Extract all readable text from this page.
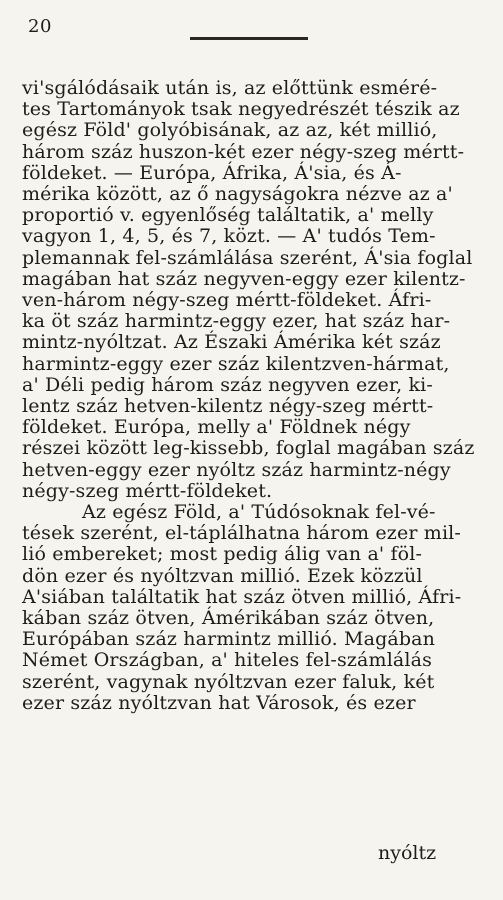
20
vi'sgálódásaik után is, az előttünk esméré-
tes Tartományok tsak negyedrészét tészik az
egész Föld' golyóbisának, az az, két millió,
három száz huszon-két ezer négy-szeg mértt-
földeket. — Európa, Áfrika, Á'sia, és Á-
mérika között, az ő nagyságokra nézve az a'
proportió v. egyenlőség találtatik, a' melly
vagyon 1, 4, 5, és 7, közt. — A' tudós Tem-
plemannak fel-számlálása szerént, Á'sia foglal
magában hat száz negyven-eggy ezer kilentz-
ven-három négy-szeg mértt-földeket. Áfri-
ka öt száz harmintz-eggy ezer, hat száz har-
mintz-nyóltzat. Az Északi Ámérika két száz
harmintz-eggy ezer száz kilentzven-hármat,
a' Déli pedig három száz negyven ezer, ki-
lentz száz hetven-kilentz négy-szeg mértt-
földeket. Európa, melly a' Földnek négy
részei között leg-kissebb, foglal magában száz
hetven-eggy ezer nyóltz száz harmintz-négy
négy-szeg mértt-földeket.
Az egész Föld, a' Túdósoknak fel-vé-
tések szerént, el-táplálhatna három ezer mil-
lió embereket; most pedig álig van a' föl-
dön ezer és nyóltzvan millió. Ezek közzül
A'siában találtatik hat száz ötven millió, Áfri-
kában száz ötven, Ámérikában száz ötven,
Európában száz harmintz millió. Magában
Német Országban, a' hiteles fel-számlálás
szerént, vagynak nyóltzvan ezer faluk, két
ezer száz nyóltzvan hat Városok, és ezer
nyóltz
